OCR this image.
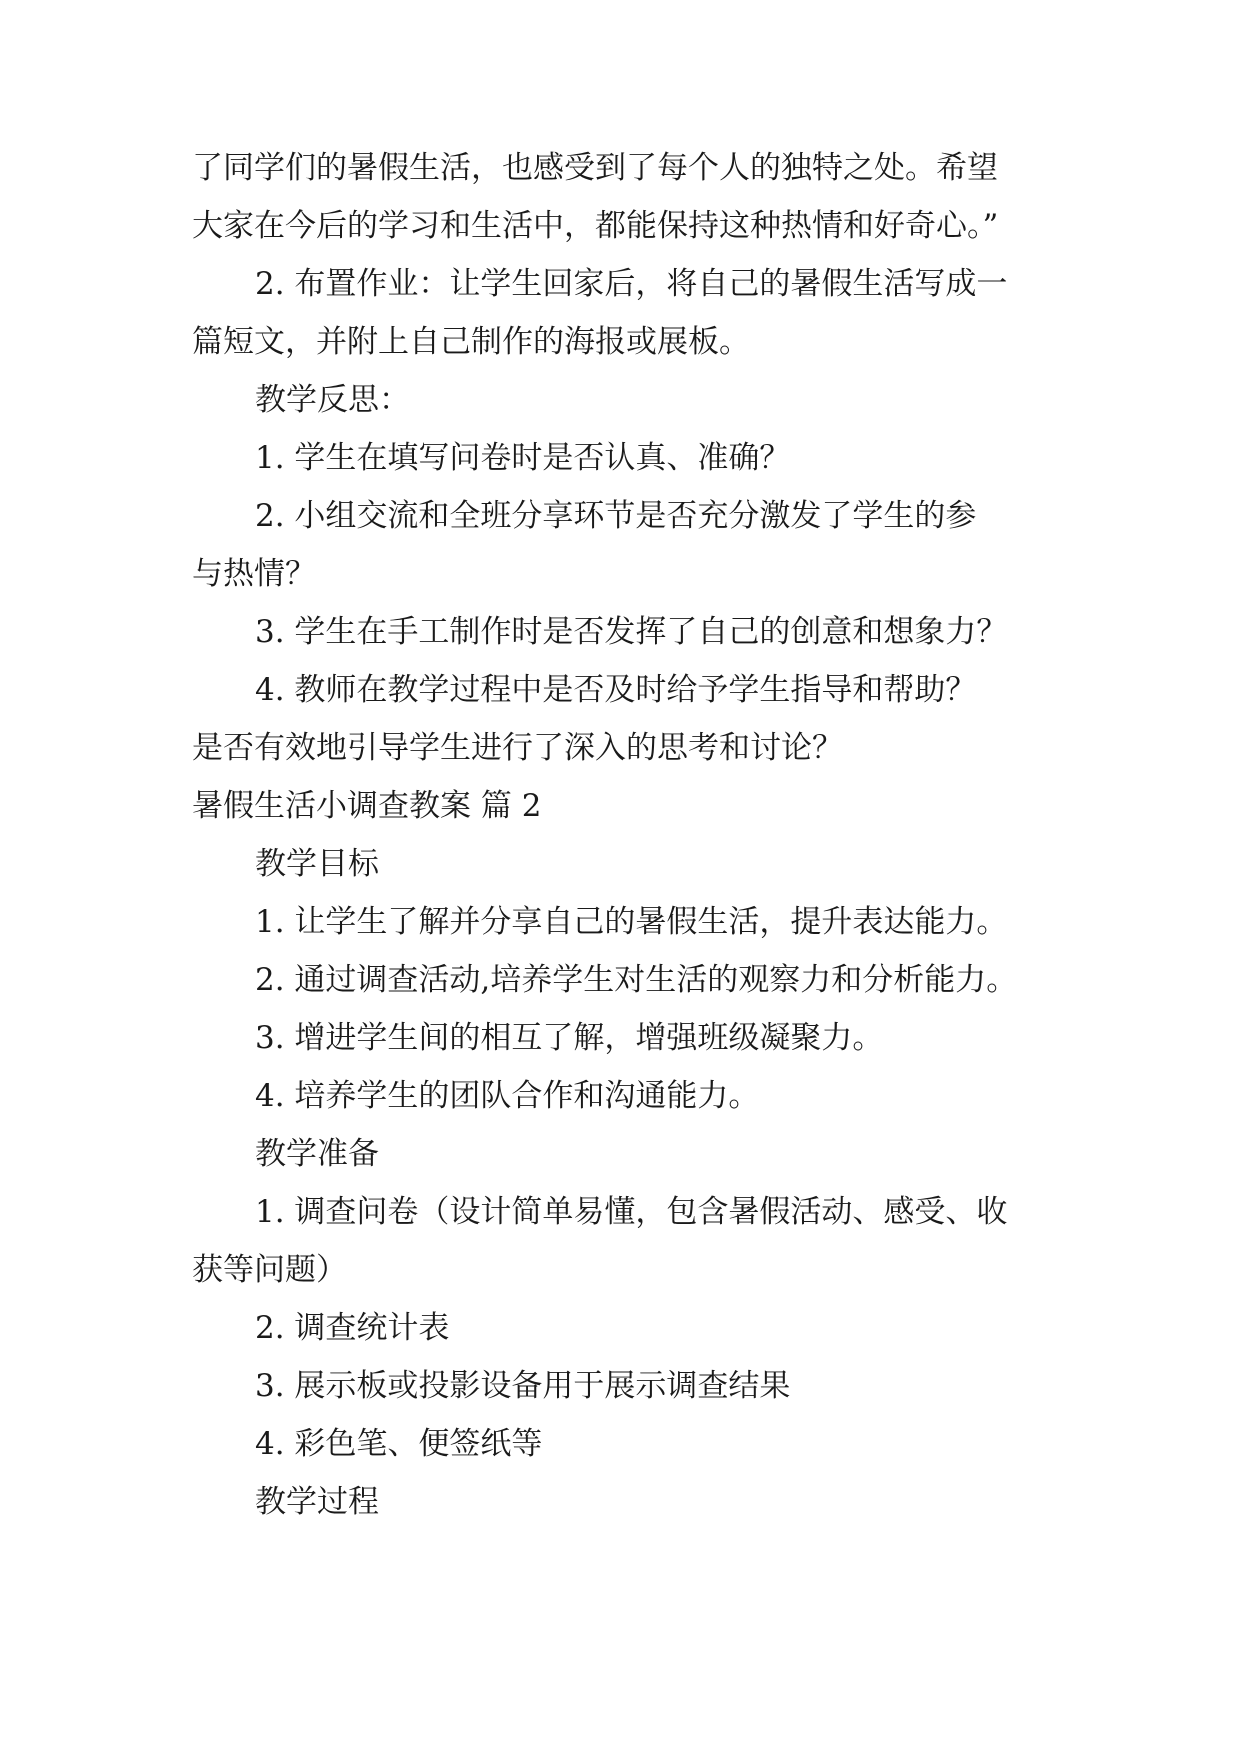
了同学们的暑假生活，也感受到了每个人的独特之处。希望
大家在今后的学习和生活中，都能保持这种热情和好奇心。”
2. 布置作业：让学生回家后，将自己的暑假生活写成一
篇短文，并附上自己制作的海报或展板。
教学反思：
1. 学生在填写问卷时是否认真、准确？
2. 小组交流和全班分享环节是否充分激发了学生的参
与热情？
3. 学生在手工制作时是否发挥了自己的创意和想象力？
4. 教师在教学过程中是否及时给予学生指导和帮助？
是否有效地引导学生进行了深入的思考和讨论？
暑假生活小调查教案 篇 2
教学目标
1. 让学生了解并分享自己的暑假生活，提升表达能力。
2. 通过调查活动,培养学生对生活的观察力和分析能力。
3. 增进学生间的相互了解，增强班级凝聚力。
4. 培养学生的团队合作和沟通能力。
教学准备
1. 调查问卷（设计简单易懂，包含暑假活动、感受、收
获等问题）
2. 调查统计表
3. 展示板或投影设备用于展示调查结果
4. 彩色笔、便签纸等
教学过程
